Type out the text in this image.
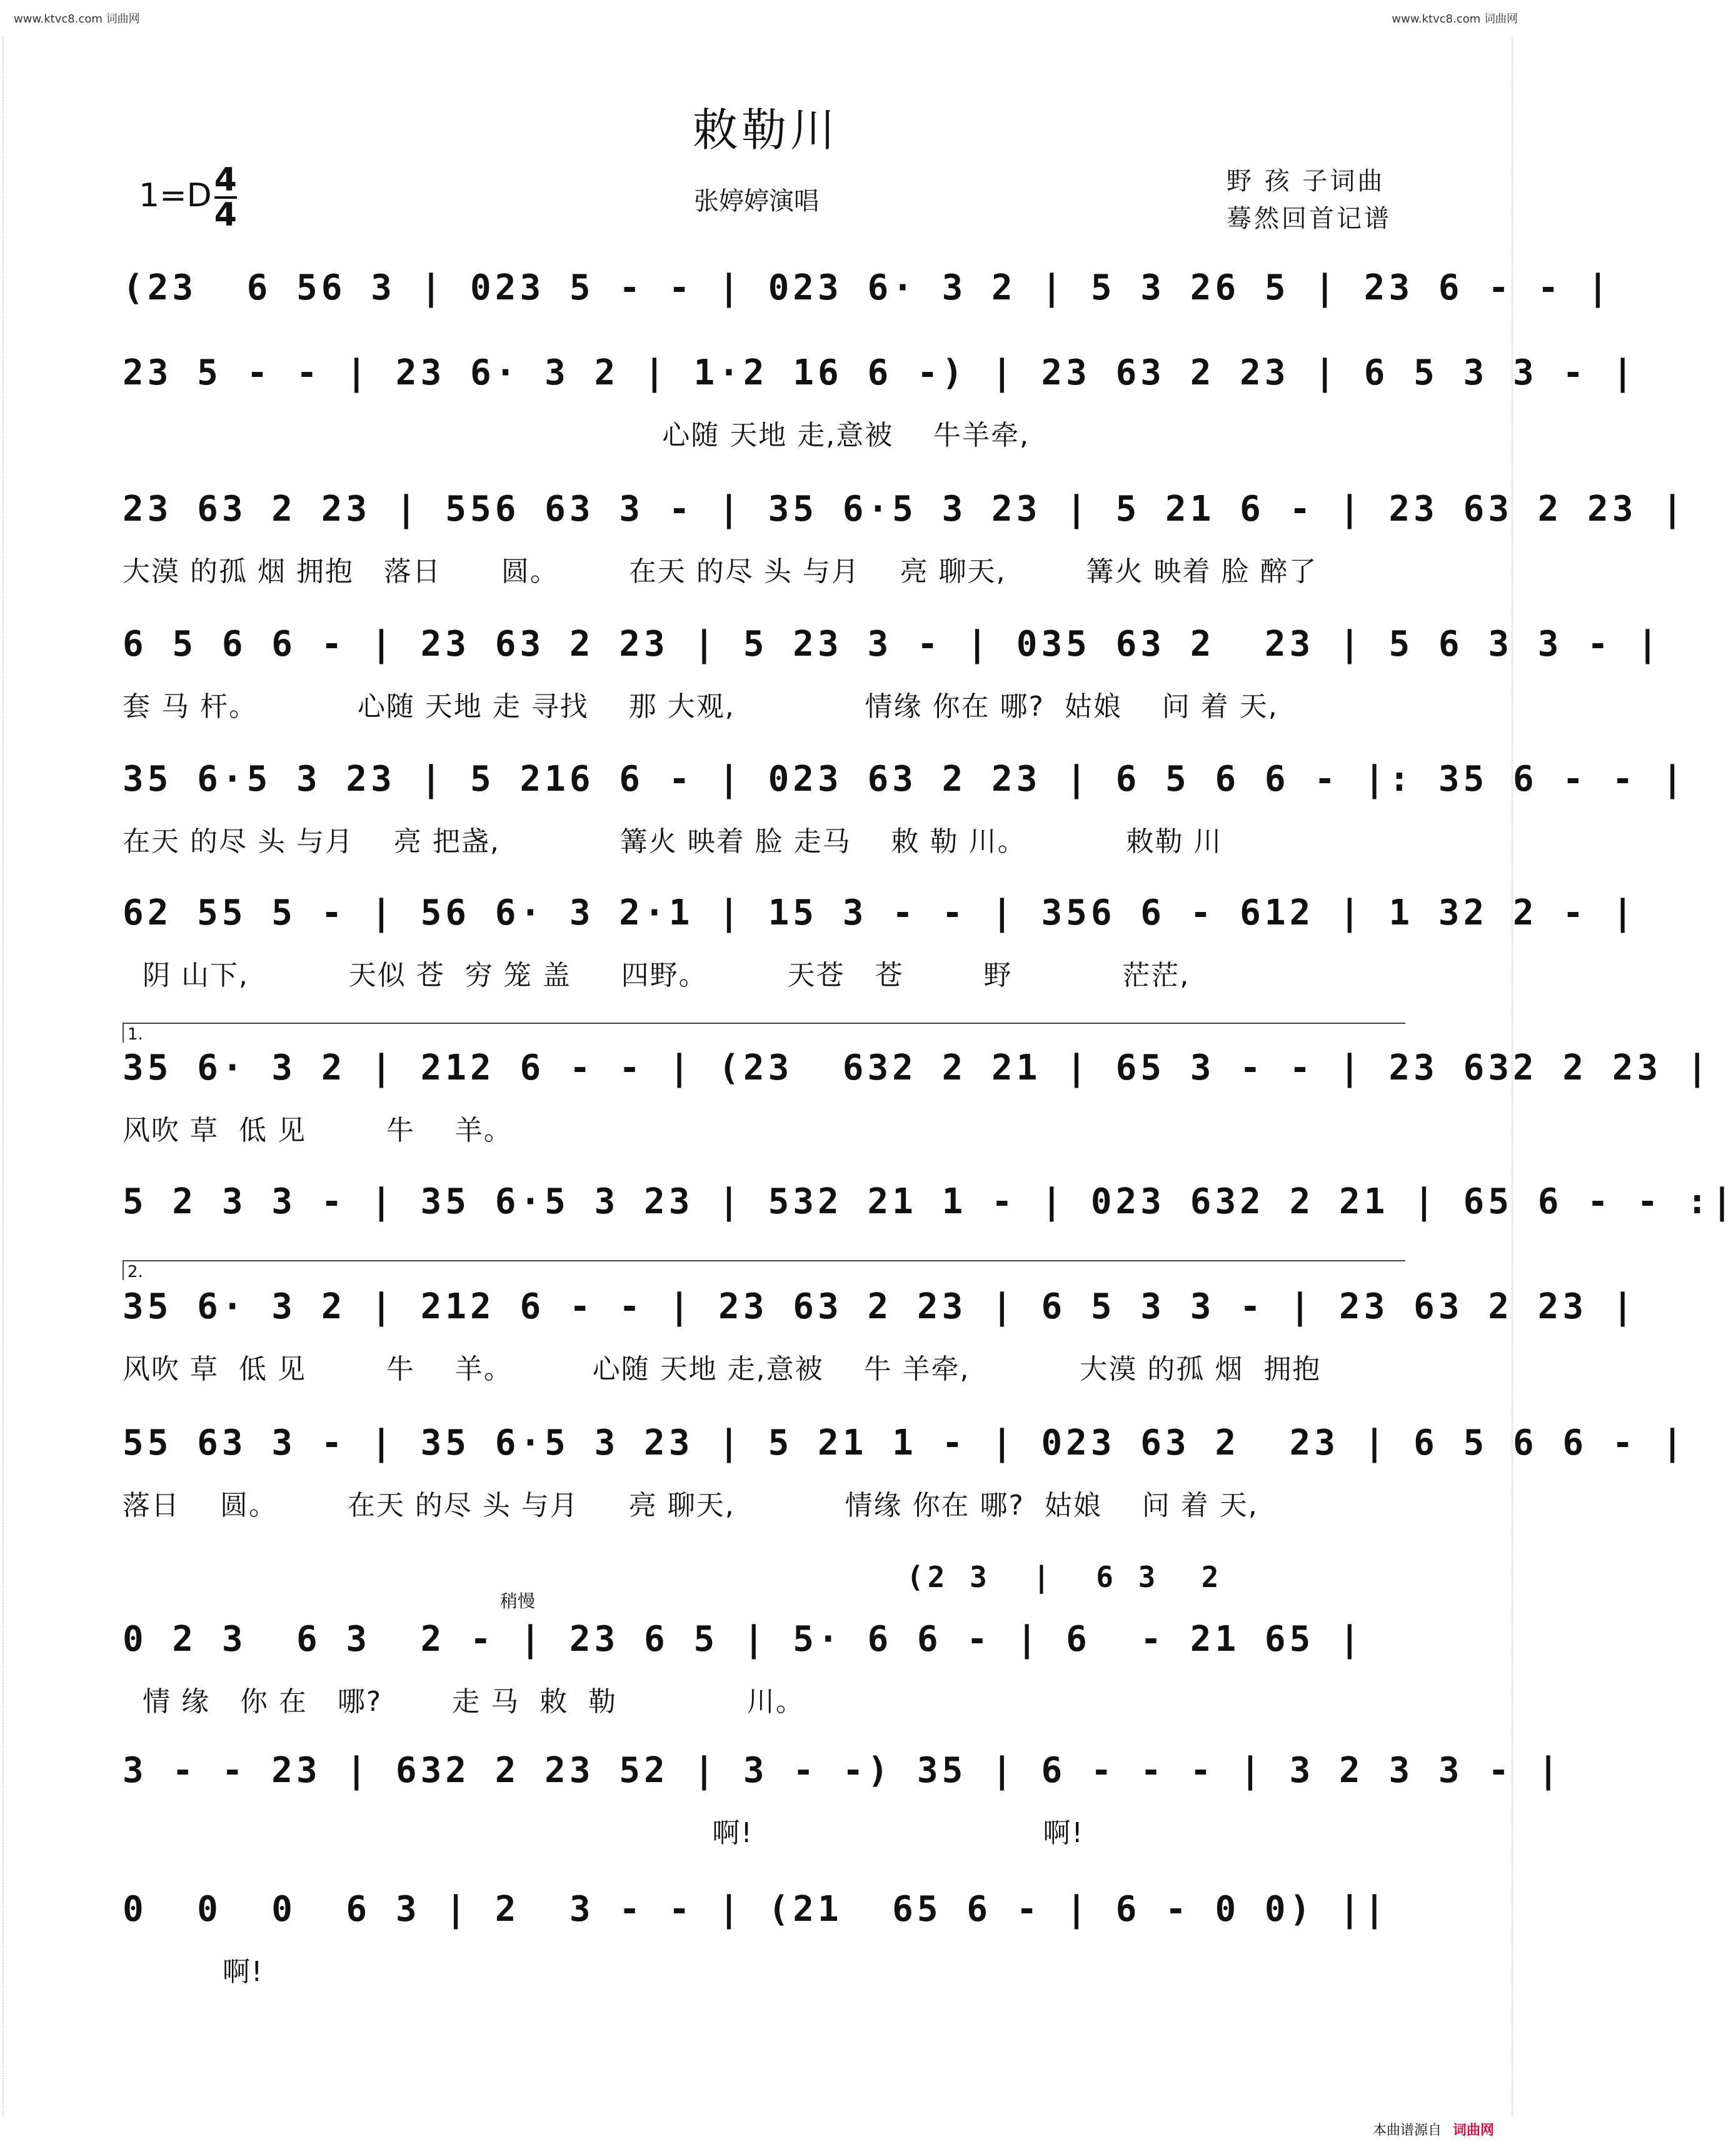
www.ktvc8.com 词曲网	www.ktvc8.com 词曲网
敕勒川
$1=D \frac{4}{4}$	张婷婷演唱
野 孩 子词曲
蓦然回首记谱
(23  6 56 3 | 023 5 - - | 023 6· 3 2 | 5 3 26 5 | 23 6 - - |
23 5 - - | 23 6· 3 2 | 1·2 16 6 -) | 23 63 2 23 | 6 5 3 3 - |
心随 天地 走,意被    牛羊牵,
23 63 2 23 | 556 63 3 - | 35 6·5 3 23 | 5 21 6 - | 23 63 2 23 |
大漠 的孤 烟 拥抱   落日      圆。       在天 的尽 头 与月    亮 聊天,        篝火 映着 脸 醉了
6 5 6 6 - | 23 63 2 23 | 5 23 3 - | 035 63 2  23 | 5 6 3 3 - |
套 马 杆。          心随 天地 走 寻找    那 大观,             情缘 你在 哪?  姑娘    问 着 天,
35 6·5 3 23 | 5 216 6 - | 023 63 2 23 | 6 5 6 6 - |: 35 6 - - |
在天 的尽 头 与月    亮 把盏,            篝火 映着 脸 走马    敕 勒 川。          敕勒 川
62 55 5 - | 56 6· 3 2·1 | 15 3 - - | 356 6 - 612 | 1 32 2 - |
阴 山下,          天似 苍  穷 笼 盖     四野。        天苍   苍        野           茫茫,
1.
35 6· 3 2 | 212 6 - - | (23  632 2 21 | 65 3 - - | 23 632 2 23 |
风吹 草  低 见        牛    羊。
5 2 3 3 - | 35 6·5 3 23 | 532 21 1 - | 023 632 2 21 | 65 6 - - :|
2.
35 6· 3 2 | 212 6 - - | 23 63 2 23 | 6 5 3 3 - | 23 63 2 23 |
风吹 草  低 见        牛    羊。        心随 天地 走,意被    牛 羊牵,           大漠 的孤 烟  拥抱
55 63 3 - | 35 6·5 3 23 | 5 21 1 - | 023 63 2  23 | 6 5 6 6 - |
落日    圆。       在天 的尽 头 与月     亮 聊天,           情缘 你在 哪?  姑娘    问 着 天,
稍慢
(2 3  |  6 3  2
0 2 3  6 3  2 - | 23 6 5 | 5· 6 6 - | 6  - 21 65 |
情 缘   你 在   哪?       走 马  敕  勒             川。
3 - - 23 | 632 2 23 52 | 3 - -) 35 | 6 - - - | 3 2 3 3 - |
啊!                             啊!
0  0  0  6 3 | 2  3 - - | (21  65 6 - | 6 - 0 0) ||
啊!
本曲谱源自 词曲网
